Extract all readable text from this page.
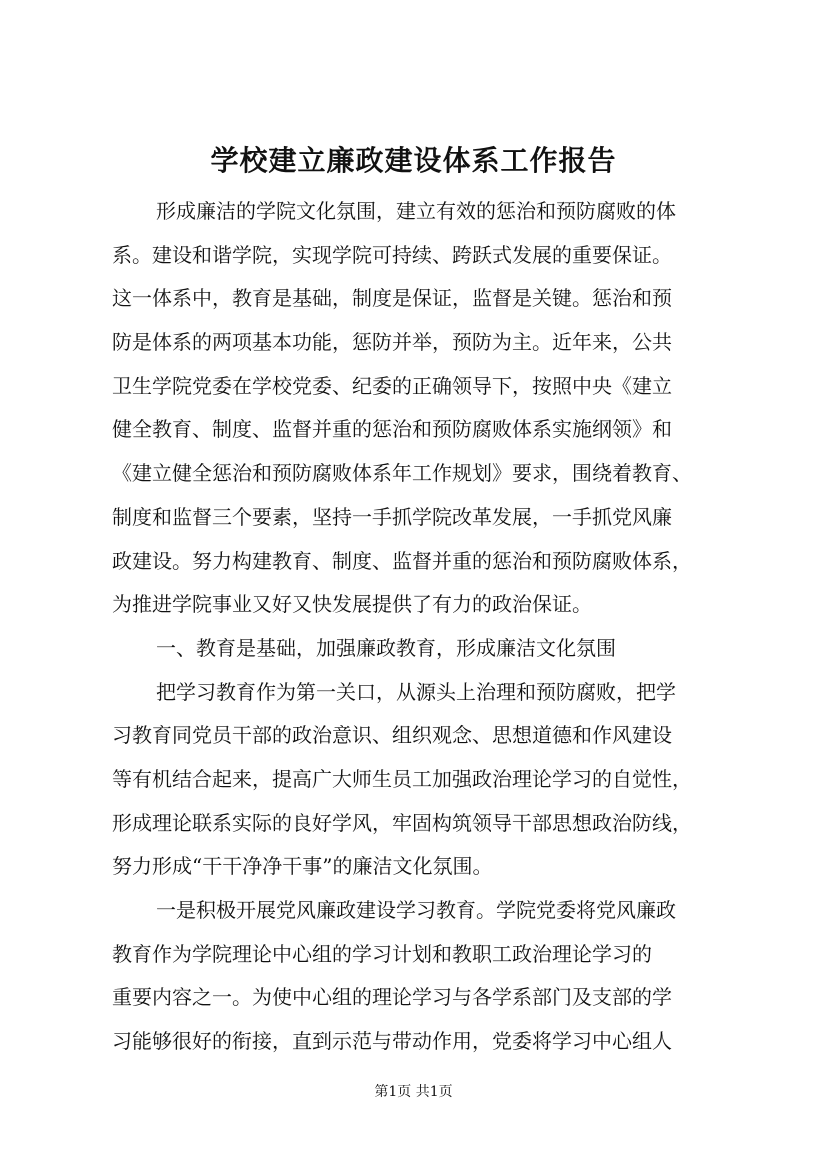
学校建立廉政建设体系工作报告
形成廉洁的学院文化氛围，建立有效的惩治和预防腐败的体
系。建设和谐学院，实现学院可持续、跨跃式发展的重要保证。
这一体系中，教育是基础，制度是保证，监督是关键。惩治和预
防是体系的两项基本功能，惩防并举，预防为主。近年来，公共
卫生学院党委在学校党委、纪委的正确领导下，按照中央《建立
健全教育、制度、监督并重的惩治和预防腐败体系实施纲领》和
《建立健全惩治和预防腐败体系年工作规划》要求，围绕着教育、
制度和监督三个要素，坚持一手抓学院改革发展，一手抓党风廉
政建设。努力构建教育、制度、监督并重的惩治和预防腐败体系，
为推进学院事业又好又快发展提供了有力的政治保证。
一、教育是基础，加强廉政教育，形成廉洁文化氛围
把学习教育作为第一关口，从源头上治理和预防腐败，把学
习教育同党员干部的政治意识、组织观念、思想道德和作风建设
等有机结合起来，提高广大师生员工加强政治理论学习的自觉性，
形成理论联系实际的良好学风，牢固构筑领导干部思想政治防线，
努力形成“干干净净干事”的廉洁文化氛围。
一是积极开展党风廉政建设学习教育。学院党委将党风廉政
教育作为学院理论中心组的学习计划和教职工政治理论学习的
重要内容之一。为使中心组的理论学习与各学系部门及支部的学
习能够很好的衔接，直到示范与带动作用，党委将学习中心组人
第1页 共1页
